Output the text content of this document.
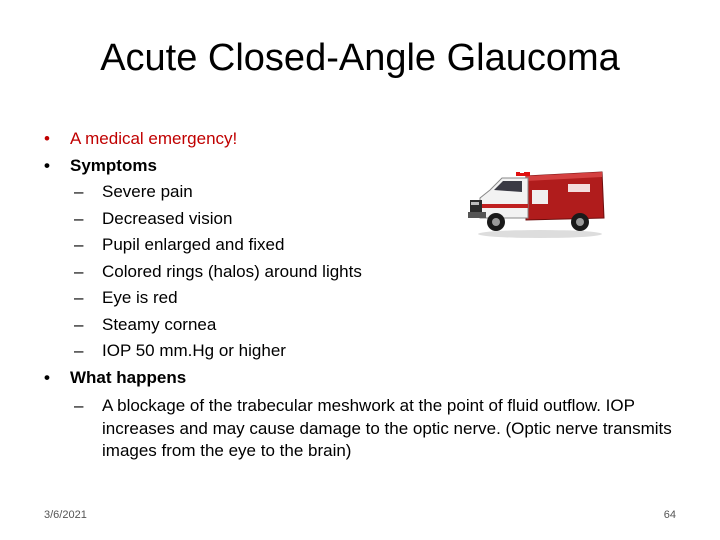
Acute Closed-Angle Glaucoma
• A medical emergency!
• Symptoms
– Severe pain
– Decreased vision
– Pupil enlarged and fixed
– Colored rings (halos) around lights
– Eye is red
– Steamy cornea
– IOP 50 mm.Hg or higher
• What happens
– A blockage of the trabecular meshwork at the point of fluid outflow. IOP increases and may cause damage to the optic nerve. (Optic nerve transmits images from the eye to the brain)
3/6/2021	64
